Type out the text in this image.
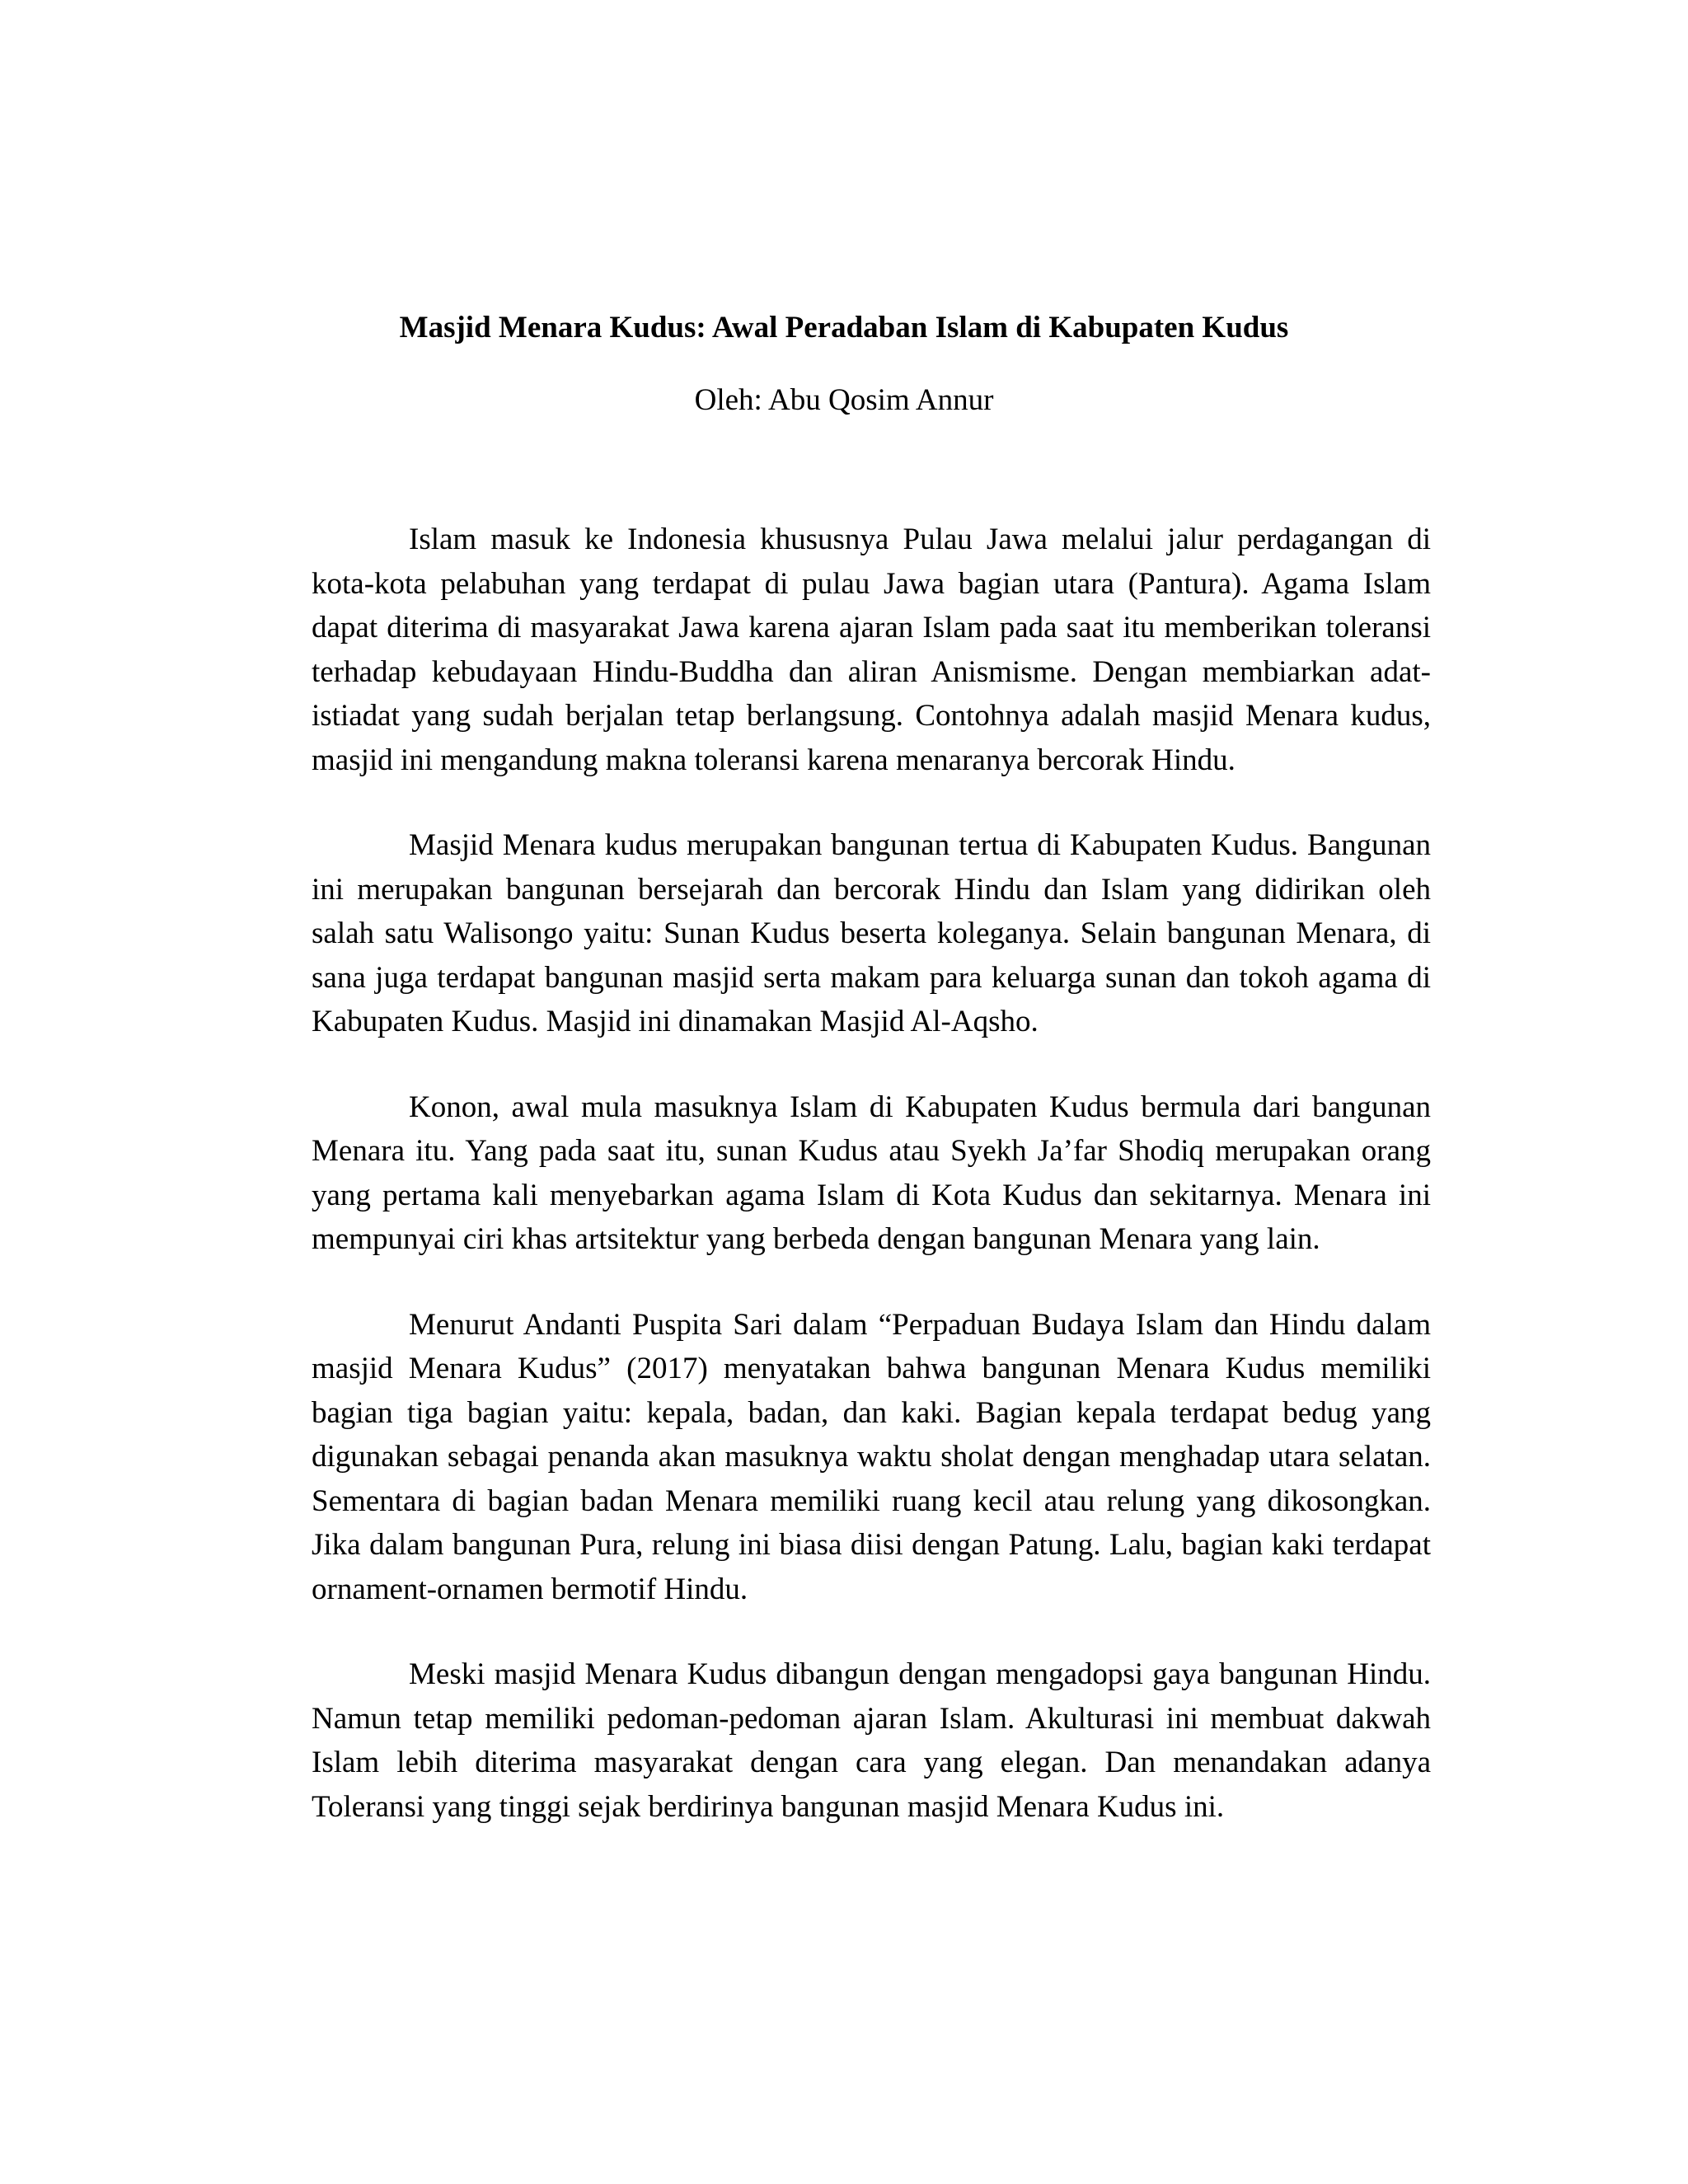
Masjid Menara Kudus: Awal Peradaban Islam di Kabupaten Kudus

Oleh: Abu Qosim Annur

Islam masuk ke Indonesia khususnya Pulau Jawa melalui jalur perdagangan di kota-kota pelabuhan yang terdapat di pulau Jawa bagian utara (Pantura). Agama Islam dapat diterima di masyarakat Jawa karena ajaran Islam pada saat itu memberikan toleransi terhadap kebudayaan Hindu-Buddha dan aliran Anismisme. Dengan membiarkan adat-istiadat yang sudah berjalan tetap berlangsung. Contohnya adalah masjid Menara kudus, masjid ini mengandung makna toleransi karena menaranya bercorak Hindu.

Masjid Menara kudus merupakan bangunan tertua di Kabupaten Kudus. Bangunan ini merupakan bangunan bersejarah dan bercorak Hindu dan Islam yang didirikan oleh salah satu Walisongo yaitu: Sunan Kudus beserta koleganya. Selain bangunan Menara, di sana juga terdapat bangunan masjid serta makam para keluarga sunan dan tokoh agama di Kabupaten Kudus. Masjid ini dinamakan Masjid Al-Aqsho.

Konon, awal mula masuknya Islam di Kabupaten Kudus bermula dari bangunan Menara itu. Yang pada saat itu, sunan Kudus atau Syekh Ja’far Shodiq merupakan orang yang pertama kali menyebarkan agama Islam di Kota Kudus dan sekitarnya. Menara ini mempunyai ciri khas artsitektur yang berbeda dengan bangunan Menara yang lain.

Menurut Andanti Puspita Sari dalam “Perpaduan Budaya Islam dan Hindu dalam masjid Menara Kudus” (2017) menyatakan bahwa bangunan Menara Kudus memiliki bagian tiga bagian yaitu: kepala, badan, dan kaki. Bagian kepala terdapat bedug yang digunakan sebagai penanda akan masuknya waktu sholat dengan menghadap utara selatan. Sementara di bagian badan Menara memiliki ruang kecil atau relung yang dikosongkan. Jika dalam bangunan Pura, relung ini biasa diisi dengan Patung. Lalu, bagian kaki terdapat ornament-ornamen bermotif Hindu.

Meski masjid Menara Kudus dibangun dengan mengadopsi gaya bangunan Hindu. Namun tetap memiliki pedoman-pedoman ajaran Islam. Akulturasi ini membuat dakwah Islam lebih diterima masyarakat dengan cara yang elegan. Dan menandakan adanya Toleransi yang tinggi sejak berdirinya bangunan masjid Menara Kudus ini.
